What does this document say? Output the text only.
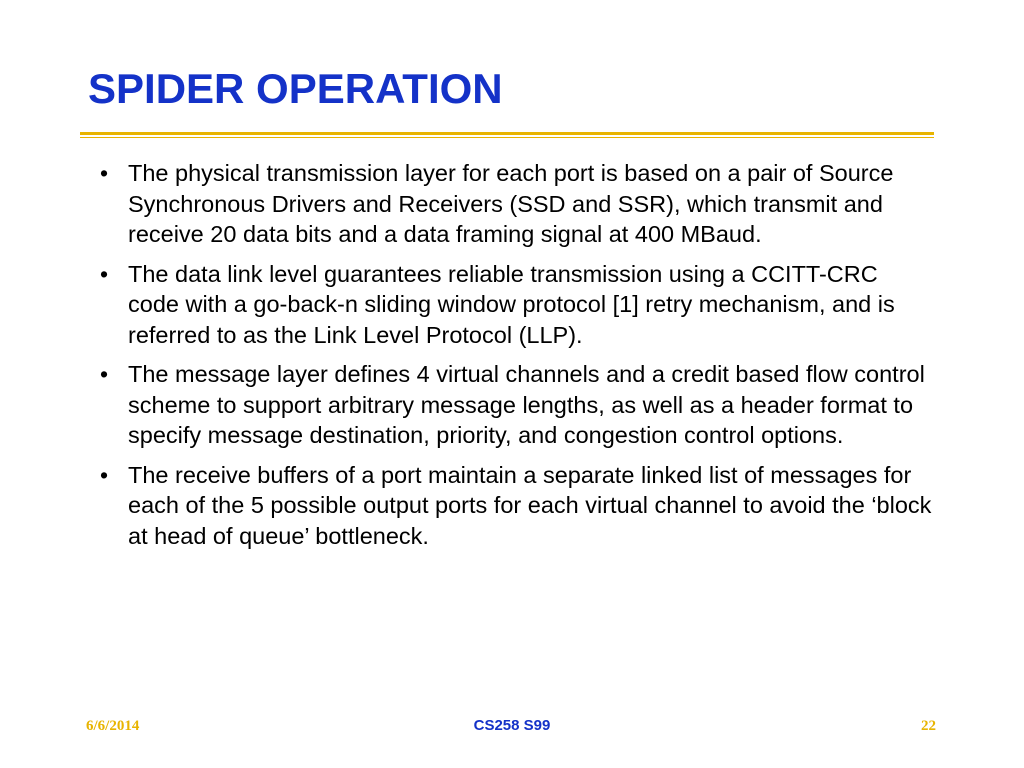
SPIDER OPERATION
• The physical transmission layer for each port is based on a pair of Source Synchronous Drivers and Receivers (SSD and SSR), which transmit and receive 20 data bits and a data framing signal at 400 MBaud.
• The data link level guarantees reliable transmission using a CCITT-CRC code with a go-back-n sliding window protocol [1] retry mechanism, and is referred to as the Link Level Protocol (LLP).
• The message layer defines 4 virtual channels and a credit based flow control scheme to support arbitrary message lengths, as well as a header format to specify message destination, priority, and congestion control options.
• The receive buffers of a port maintain a separate linked list of messages for each of the 5 possible output ports for each virtual channel to avoid the ‘block at head of queue’ bottleneck.
6/6/2014	CS258 S99	22
